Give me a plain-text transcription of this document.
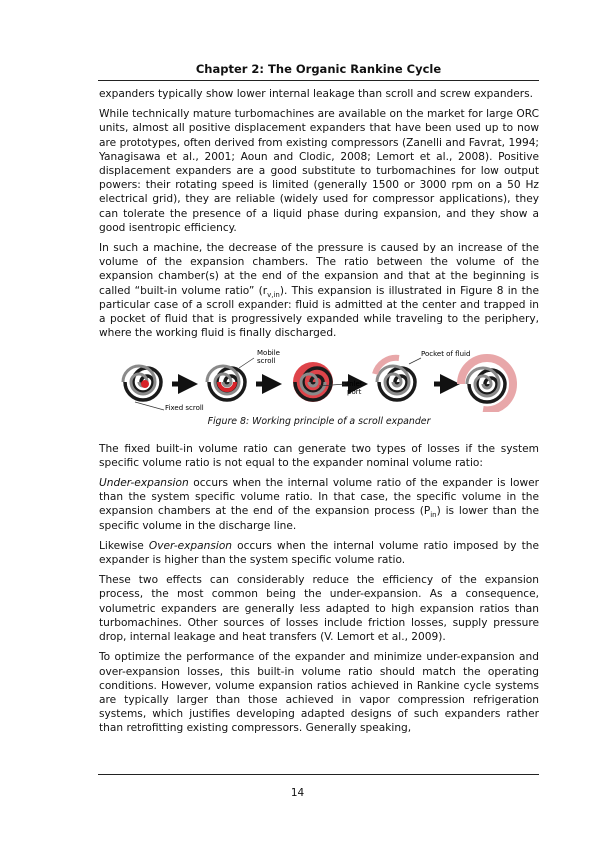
Chapter 2: The Organic Rankine Cycle

expanders typically show lower internal leakage than scroll and screw expanders.

While technically mature turbomachines are available on the market for large ORC units, almost all positive displacement expanders that have been used up to now are prototypes, often derived from existing compressors (Zanelli and Favrat, 1994; Yanagisawa et al., 2001; Aoun and Clodic, 2008; Lemort et al., 2008). Positive displacement expanders are a good substitute to turbomachines for low output powers: their rotating speed is limited (generally 1500 or 3000 rpm on a 50 Hz electrical grid), they are reliable (widely used for compressor applications), they can tolerate the presence of a liquid phase during expansion, and they show a good isentropic efficiency.

In such a machine, the decrease of the pressure is caused by an increase of the volume of the expansion chambers. The ratio between the volume of the expansion chamber(s) at the end of the expansion and that at the beginning is called “built-in volume ratio” $(r_{v,in})$. This expansion is illustrated in Figure 8 in the particular case of a scroll expander: fluid is admitted at the center and trapped in a pocket of fluid that is progressively expanded while traveling to the periphery, where the working fluid is finally discharged.

Mobile
scroll
Fixed scroll
Inlet
port
Pocket of fluid
Figure 8: Working principle of a scroll expander

The fixed built-in volume ratio can generate two types of losses if the system specific volume ratio is not equal to the expander nominal volume ratio:

Under-expansion occurs when the internal volume ratio of the expander is lower than the system specific volume ratio. In that case, the specific volume in the expansion chambers at the end of the expansion process $(P_{in})$ is lower than the specific volume in the discharge line.

Likewise Over-expansion occurs when the internal volume ratio imposed by the expander is higher than the system specific volume ratio.

These two effects can considerably reduce the efficiency of the expansion process, the most common being the under-expansion. As a consequence, volumetric expanders are generally less adapted to high expansion ratios than turbomachines. Other sources of losses include friction losses, supply pressure drop, internal leakage and heat transfers (V. Lemort et al., 2009).

To optimize the performance of the expander and minimize under-expansion and over-expansion losses, this built-in volume ratio should match the operating conditions. However, volume expansion ratios achieved in Rankine cycle systems are typically larger than those achieved in vapor compression refrigeration systems, which justifies developing adapted designs of such expanders rather than retrofitting existing compressors. Generally speaking,

14
